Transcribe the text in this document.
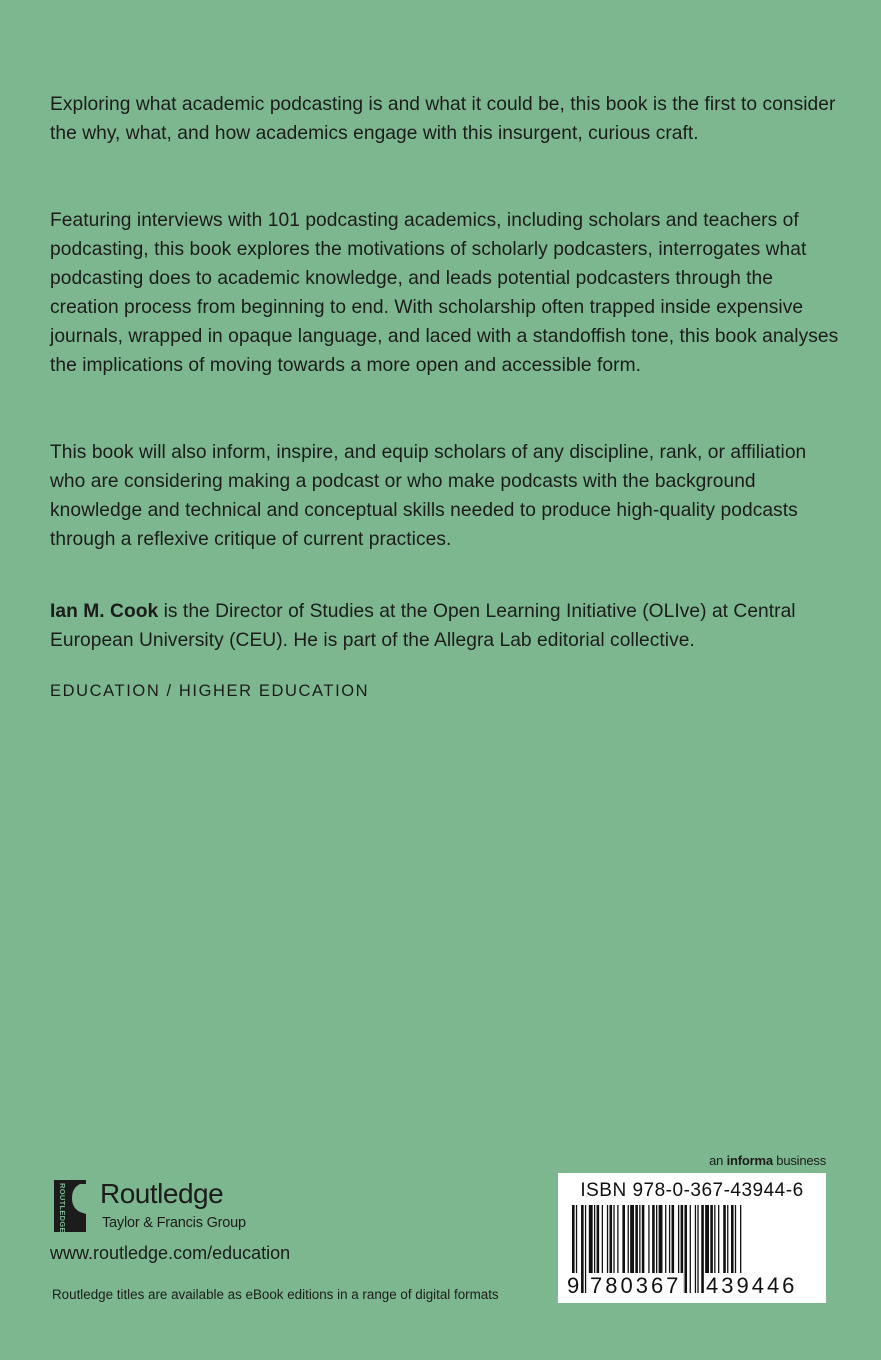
Exploring what academic podcasting is and what it could be, this book is the first to consider the why, what, and how academics engage with this insurgent, curious craft.

Featuring interviews with 101 podcasting academics, including scholars and teachers of podcasting, this book explores the motivations of scholarly podcasters, interrogates what podcasting does to academic knowledge, and leads potential podcasters through the creation process from beginning to end. With scholarship often trapped inside expensive journals, wrapped in opaque language, and laced with a standoffish tone, this book analyses the implications of moving towards a more open and accessible form.

This book will also inform, inspire, and equip scholars of any discipline, rank, or affiliation who are considering making a podcast or who make podcasts with the background knowledge and technical and conceptual skills needed to produce high-quality podcasts through a reflexive critique of current practices.

Ian M. Cook is the Director of Studies at the Open Learning Initiative (OLIve) at Central European University (CEU). He is part of the Allegra Lab editorial collective.

EDUCATION / HIGHER EDUCATION

ROUTLEDGE Routledge
Taylor & Francis Group
www.routledge.com/education
Routledge titles are available as eBook editions in a range of digital formats
an informa business
ISBN 978-0-367-43944-6
9 780367 439446
